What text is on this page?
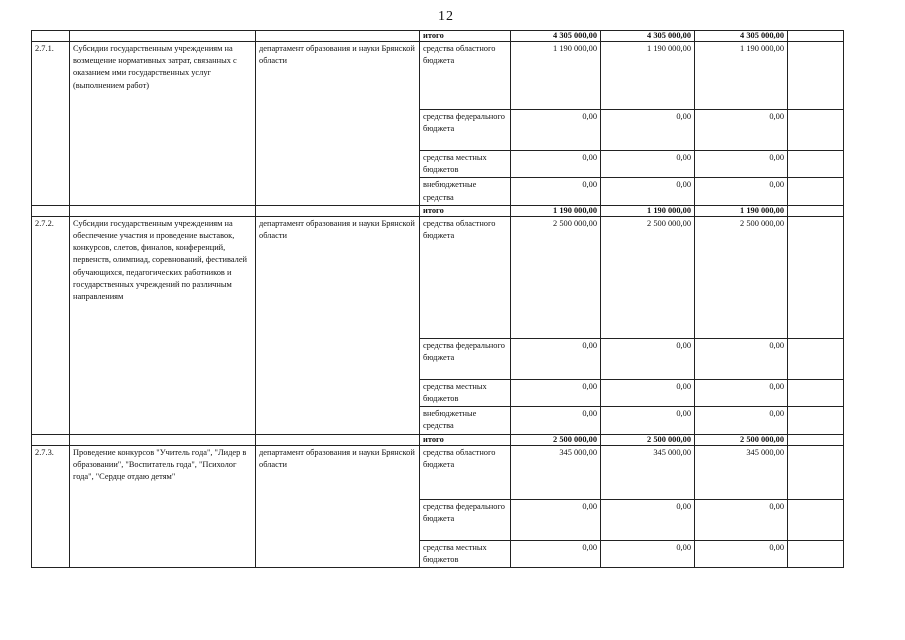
12
			итого	4 305 000,00	4 305 000,00	4 305 000,00	
2.7.1.	Субсидии государственным учреждениям на возмещение нормативных затрат, связанных с оказанием ими государственных услуг (выполнением работ)	департамент образования и науки Брянской области	средства областного бюджета	1 190 000,00	1 190 000,00	1 190 000,00	
			средства федерального бюджета	0,00	0,00	0,00	
			средства местных бюджетов	0,00	0,00	0,00	
			внебюджетные средства	0,00	0,00	0,00	
			итого	1 190 000,00	1 190 000,00	1 190 000,00	
2.7.2.	Субсидии государственным учреждениям на обеспечение участия и проведение выставок, конкурсов, слетов, финалов, конференций, первенств, олимпиад, соревнований, фестивалей обучающихся, педагогических работников и государственных учреждений по различным направлениям	департамент образования и науки Брянской области	средства областного бюджета	2 500 000,00	2 500 000,00	2 500 000,00	
			средства федерального бюджета	0,00	0,00	0,00	
			средства местных бюджетов	0,00	0,00	0,00	
			внебюджетные средства	0,00	0,00	0,00	
			итого	2 500 000,00	2 500 000,00	2 500 000,00	
2.7.3.	Проведение конкурсов "Учитель года", "Лидер в образовании", "Воспитатель года", "Психолог года", "Сердце отдаю детям"	департамент образования и науки Брянской области	средства областного бюджета	345 000,00	345 000,00	345 000,00	
			средства федерального бюджета	0,00	0,00	0,00	
			средства местных бюджетов	0,00	0,00	0,00	
